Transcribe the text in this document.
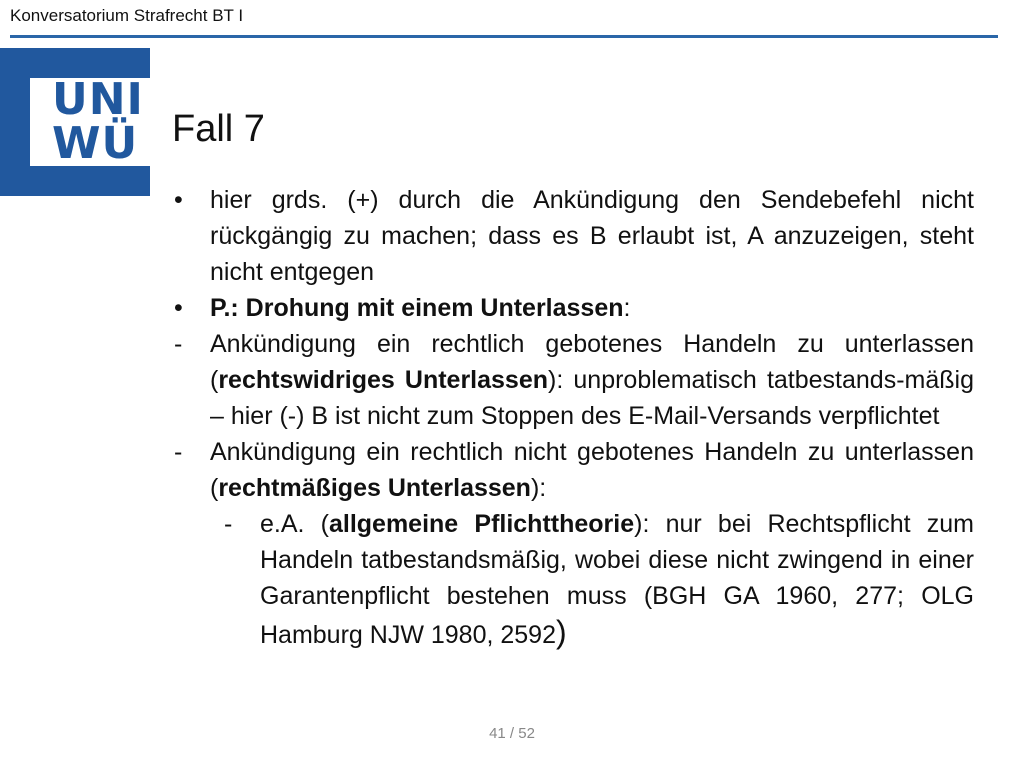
Konversatorium Strafrecht BT I
UNI
WÜ Fall 7
•	hier grds. (+) durch die Ankündigung den Sendebefehl nicht rückgängig zu machen; dass es B erlaubt ist, A anzuzeigen, steht nicht entgegen
•	P.: Drohung mit einem Unterlassen:
-	Ankündigung ein rechtlich gebotenes Handeln zu unterlassen (rechtswidriges Unterlassen): unproblematisch tatbestands-mäßig – hier (-) B ist nicht zum Stoppen des E-Mail-Versands verpflichtet
-	Ankündigung ein rechtlich nicht gebotenes Handeln zu unterlassen (rechtmäßiges Unterlassen):
-	e.A. (allgemeine Pflichttheorie): nur bei Rechtspflicht zum Handeln tatbestandsmäßig, wobei diese nicht zwingend in einer Garantenpflicht bestehen muss (BGH GA 1960, 277; OLG Hamburg NJW 1980, 2592)
41 / 52
